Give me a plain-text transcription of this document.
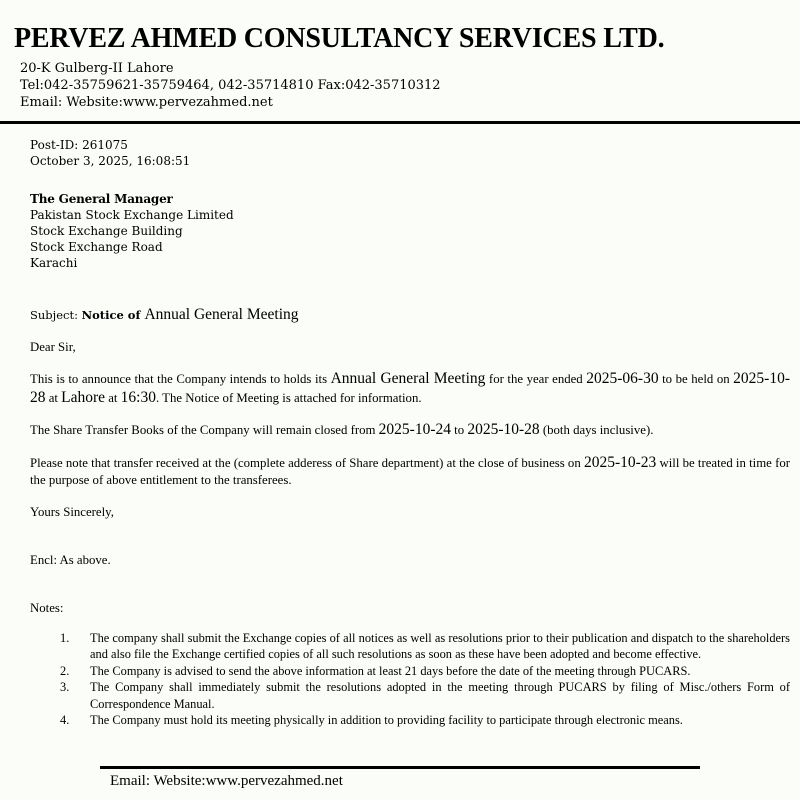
PERVEZ AHMED CONSULTANCY SERVICES LTD.
20-K Gulberg-II Lahore
Tel:042-35759621-35759464, 042-35714810 Fax:042-35710312
Email: Website:www.pervezahmed.net
Post-ID: 261075
October 3, 2025, 16:08:51
The General Manager
Pakistan Stock Exchange Limited
Stock Exchange Building
Stock Exchange Road
Karachi
Subject: Notice of Annual General Meeting
Dear Sir,

This is to announce that the Company intends to holds its Annual General Meeting for the year ended 2025-06-30 to be held on 2025-10-28 at Lahore at 16:30. The Notice of Meeting is attached for information.

The Share Transfer Books of the Company will remain closed from 2025-10-24 to 2025-10-28 (both days inclusive).

Please note that transfer received at the (complete adderess of Share department) at the close of business on 2025-10-23 will be treated in time for the purpose of above entitlement to the transferees.

Yours Sincerely,
Encl: As above.
Notes:
1.	The company shall submit the Exchange copies of all notices as well as resolutions prior to their publication and dispatch to the shareholders and also file the Exchange certified copies of all such resolutions as soon as these have been adopted and become effective.
2.	The Company is advised to send the above information at least 21 days before the date of the meeting through PUCARS.
3.	The Company shall immediately submit the resolutions adopted in the meeting through PUCARS by filing of Misc./others Form of Correspondence Manual.
4.	The Company must hold its meeting physically in addition to providing facility to participate through electronic means.
Email: Website:www.pervezahmed.net
